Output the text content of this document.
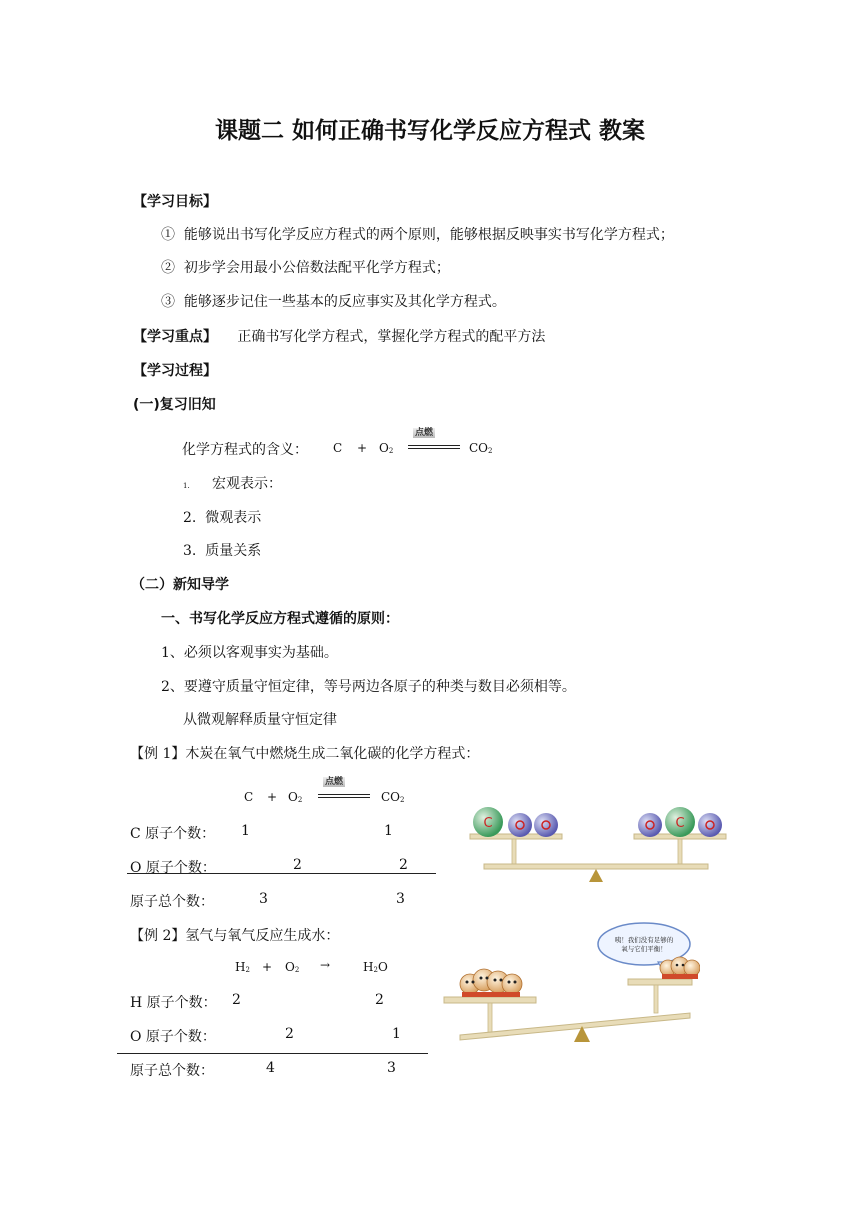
课题二 如何正确书写化学反应方程式 教案
【学习目标】
① 能够说出书写化学反应方程式的两个原则，能够根据反映事实书写化学方程式；
② 初步学会用最小公倍数法配平化学方程式；
③ 能够逐步记住一些基本的反应事实及其化学方程式。
【学习重点】 正确书写化学方程式，掌握化学方程式的配平方法
【学习过程】
(一)复习旧知
化学方程式的含义： C + O2
点燃
CO2
1. 宏观表示：
2. 微观表示
3. 质量关系
（二）新知导学
一、书写化学反应方程式遵循的原则：
1、必须以客观事实为基础。
2、要遵守质量守恒定律，等号两边各原子的种类与数目必须相等。
从微观解释质量守恒定律
【例 1】木炭在氧气中燃烧生成二氧化碳的化学方程式：
C + O2
点燃
CO2
C 原子个数： 1	1
O 原子个数：	2	2
原子总个数：	3	3
C	C
【例 2】氢气与氧气反应生成水：
H2 + O2 →	H2O
H 原子个数： 2	2
O 原子个数：	2	1
原子总个数：	4	3
咦！我们没有足够的
氧与它们平衡！
